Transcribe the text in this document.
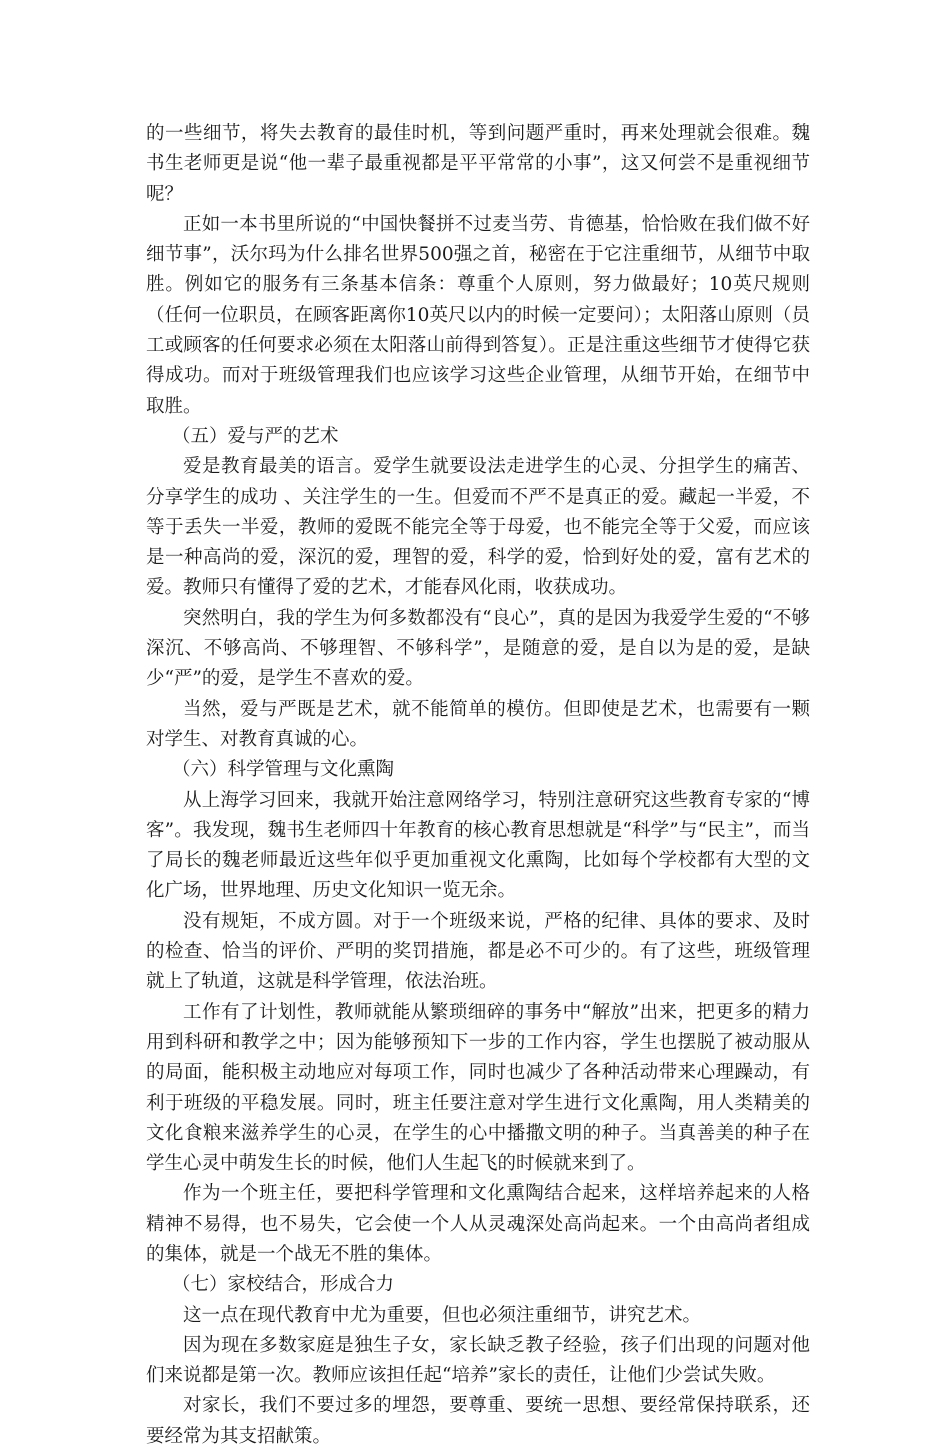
的一些细节，将失去教育的最佳时机，等到问题严重时，再来处理就会很难。魏书生老师更是说“他一辈子最重视都是平平常常的小事”，这又何尝不是重视细节呢？

正如一本书里所说的“中国快餐拼不过麦当劳、肯德基，恰恰败在我们做不好细节事”，沃尔玛为什么排名世界500强之首，秘密在于它注重细节，从细节中取胜。例如它的服务有三条基本信条：尊重个人原则，努力做最好；10英尺规则（任何一位职员，在顾客距离你10英尺以内的时候一定要问）；太阳落山原则（员工或顾客的任何要求必须在太阳落山前得到答复）。正是注重这些细节才使得它获得成功。而对于班级管理我们也应该学习这些企业管理，从细节开始，在细节中取胜。

（五）爱与严的艺术

爱是教育最美的语言。爱学生就要设法走进学生的心灵、分担学生的痛苦、分享学生的成功 、关注学生的一生。但爱而不严不是真正的爱。藏起一半爱，不等于丢失一半爱，教师的爱既不能完全等于母爱，也不能完全等于父爱，而应该是一种高尚的爱，深沉的爱，理智的爱，科学的爱，恰到好处的爱，富有艺术的爱。教师只有懂得了爱的艺术，才能春风化雨，收获成功。

突然明白，我的学生为何多数都没有“良心”，真的是因为我爱学生爱的“不够深沉、不够高尚、不够理智、不够科学”，是随意的爱，是自以为是的爱，是缺少“严”的爱，是学生不喜欢的爱。

当然，爱与严既是艺术，就不能简单的模仿。但即使是艺术，也需要有一颗对学生、对教育真诚的心。

（六）科学管理与文化熏陶

从上海学习回来，我就开始注意网络学习，特别注意研究这些教育专家的“博客”。我发现，魏书生老师四十年教育的核心教育思想就是“科学”与“民主”，而当了局长的魏老师最近这些年似乎更加重视文化熏陶，比如每个学校都有大型的文化广场，世界地理、历史文化知识一览无余。

没有规矩，不成方圆。对于一个班级来说，严格的纪律、具体的要求、及时的检查、恰当的评价、严明的奖罚措施，都是必不可少的。有了这些，班级管理就上了轨道，这就是科学管理，依法治班。

工作有了计划性，教师就能从繁琐细碎的事务中“解放”出来，把更多的精力用到科研和教学之中；因为能够预知下一步的工作内容，学生也摆脱了被动服从的局面，能积极主动地应对每项工作，同时也减少了各种活动带来心理躁动，有利于班级的平稳发展。同时，班主任要注意对学生进行文化熏陶，用人类精美的文化食粮来滋养学生的心灵，在学生的心中播撒文明的种子。当真善美的种子在学生心灵中萌发生长的时候，他们人生起飞的时候就来到了。

作为一个班主任，要把科学管理和文化熏陶结合起来，这样培养起来的人格精神不易得，也不易失，它会使一个人从灵魂深处高尚起来。一个由高尚者组成的集体，就是一个战无不胜的集体。

（七）家校结合，形成合力

这一点在现代教育中尤为重要，但也必须注重细节，讲究艺术。

因为现在多数家庭是独生子女，家长缺乏教子经验，孩子们出现的问题对他们来说都是第一次。教师应该担任起“培养”家长的责任，让他们少尝试失败。

对家长，我们不要过多的埋怨，要尊重、要统一思想、要经常保持联系，还要经常为其支招献策。
